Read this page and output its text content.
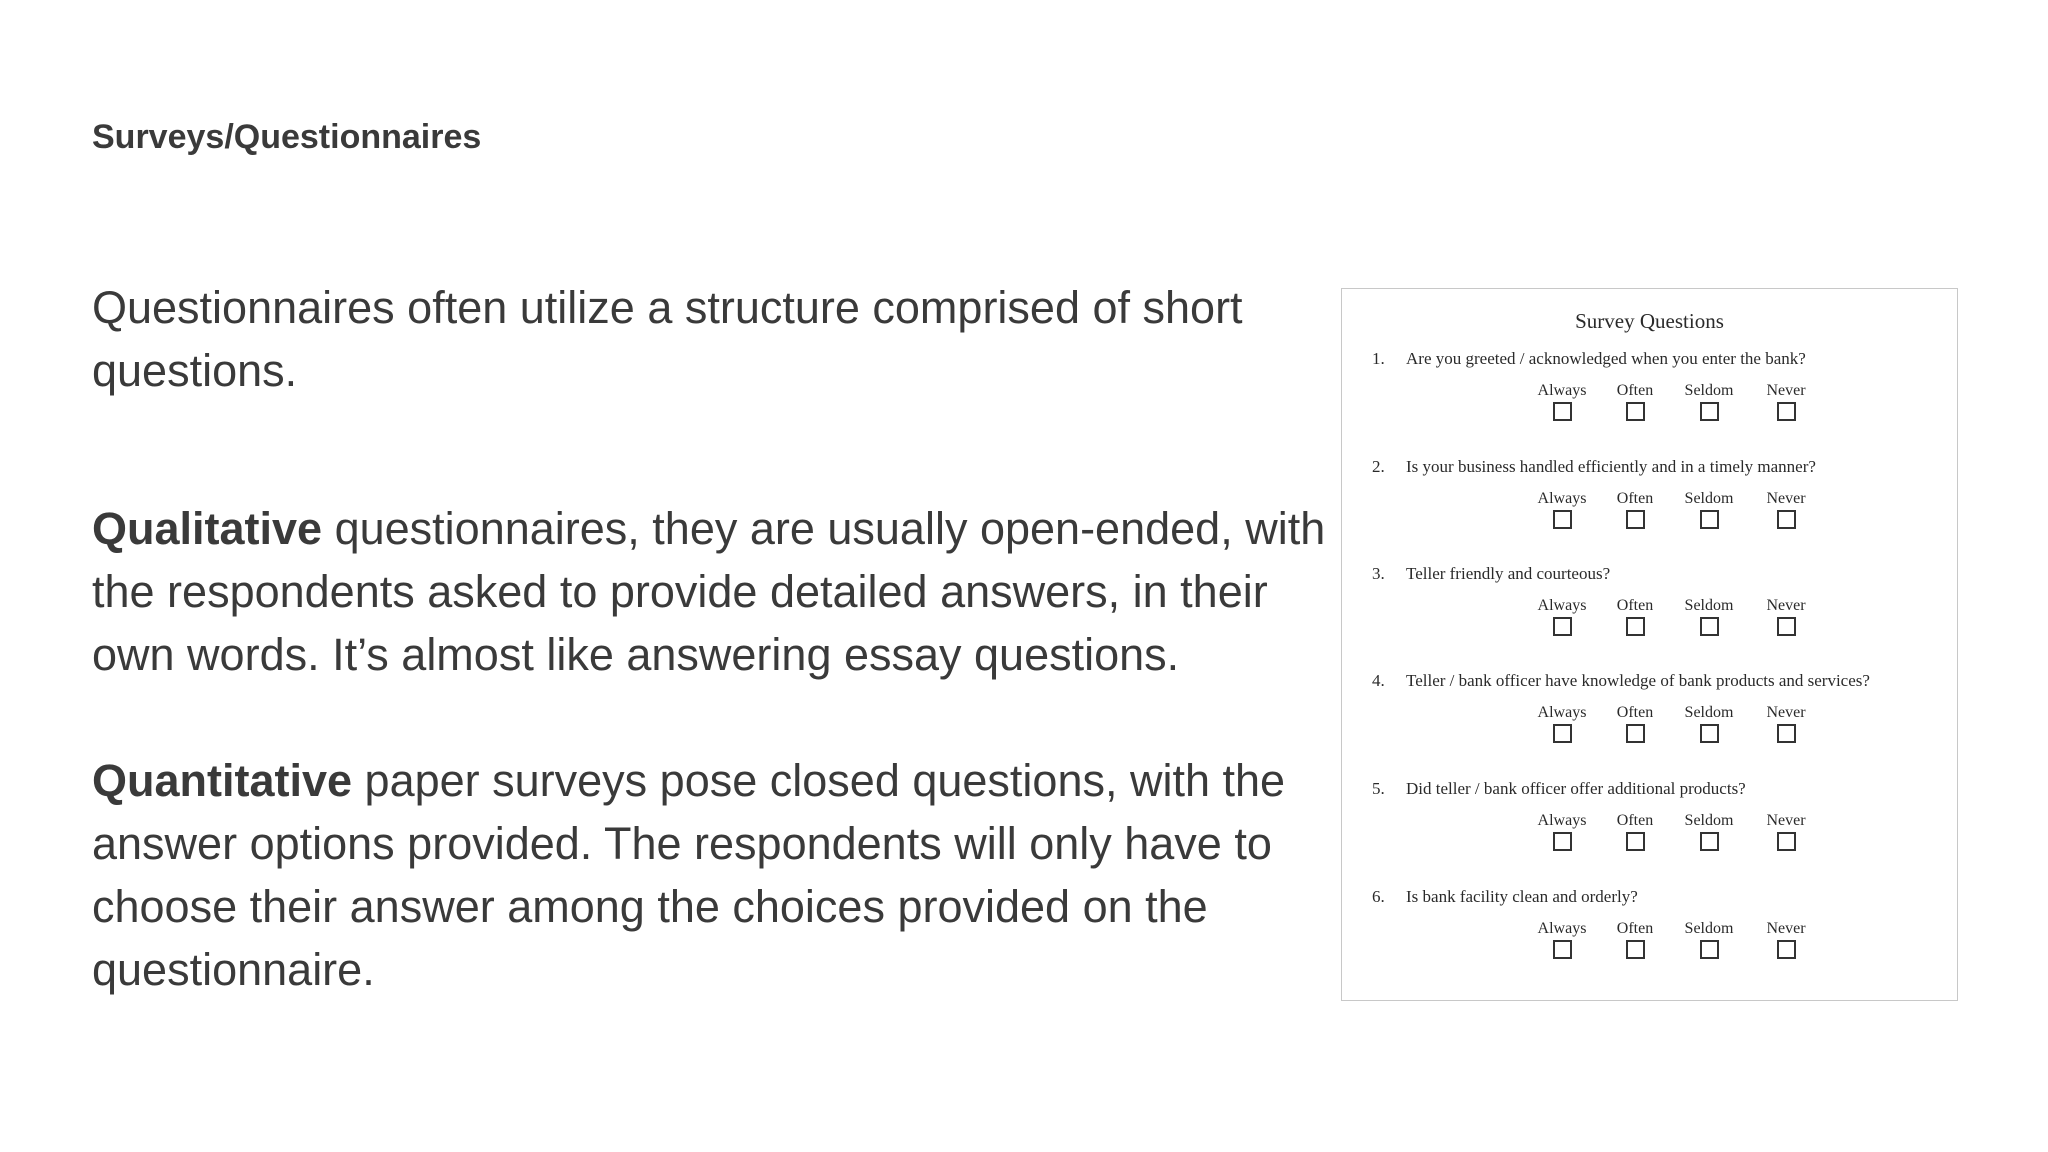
Surveys/Questionnaires

Questionnaires often utilize a structure comprised of short questions.

Qualitative questionnaires, they are usually open-ended, with the respondents asked to provide detailed answers, in their own words. It’s almost like answering essay questions.

Quantitative paper surveys pose closed questions, with the answer options provided. The respondents will only have to choose their answer among the choices provided on the questionnaire.

Survey Questions
1. Are you greeted / acknowledged when you enter the bank?
Always	Often	Seldom	Never
2. Is your business handled efficiently and in a timely manner?
Always	Often	Seldom	Never
3. Teller friendly and courteous?
Always	Often	Seldom	Never
4. Teller / bank officer have knowledge of bank products and services?
Always	Often	Seldom	Never
5. Did teller / bank officer offer additional products?
Always	Often	Seldom	Never
6. Is bank facility clean and orderly?
Always	Often	Seldom	Never
